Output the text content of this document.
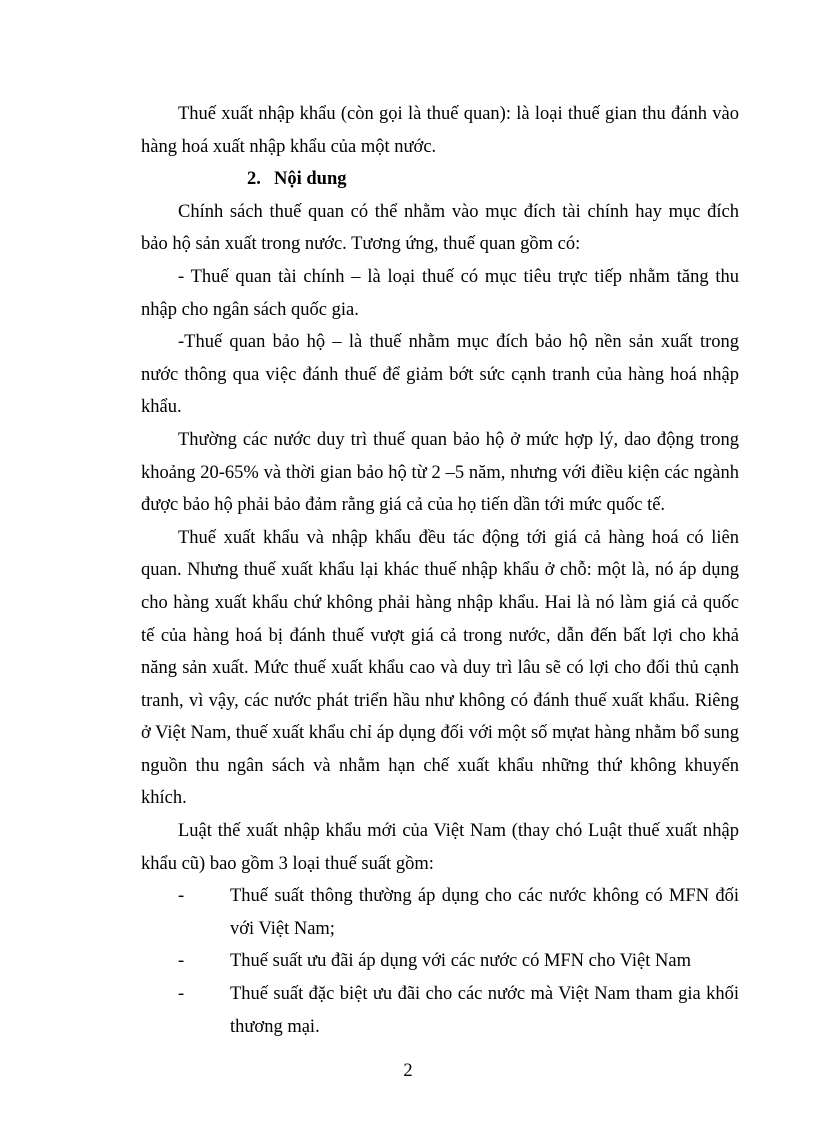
Thuế xuất nhập khẩu (còn gọi là thuế quan): là loại thuế gian thu đánh vào hàng hoá xuất nhập khẩu của một nước.

2. Nội dung

Chính sách thuế quan có thể nhằm vào mục đích tài chính hay mục đích bảo hộ sản xuất trong nước. Tương ứng, thuế quan gồm có:

- Thuế quan tài chính – là loại thuế có mục tiêu trực tiếp nhằm tăng thu nhập cho ngân sách quốc gia.

-Thuế quan bảo hộ – là thuế nhằm mục đích bảo hộ nền sản xuất trong nước thông qua việc đánh thuế để giảm bớt sức cạnh tranh của hàng hoá nhập khẩu.

Thường các nước duy trì thuế quan bảo hộ ở mức hợp lý, dao động trong khoảng 20-65% và thời gian bảo hộ từ 2 –5 năm, nhưng với điều kiện các ngành được bảo hộ phải bảo đảm rằng giá cả của họ tiến dần tới mức quốc tế.

Thuế xuất khẩu và nhập khẩu đều tác động tới giá cả hàng hoá có liên quan. Nhưng thuế xuất khẩu lại khác thuế nhập khẩu ở chỗ: một là, nó áp dụng cho hàng xuất khẩu chứ không phải hàng nhập khẩu. Hai là nó làm giá cả quốc tế của hàng hoá bị đánh thuế vượt giá cả trong nước, dẫn đến bất lợi cho khả năng sản xuất. Mức thuế xuất khẩu cao và duy trì lâu sẽ có lợi cho đối thủ cạnh tranh, vì vậy, các nước phát triển hầu như không có đánh thuế xuất khẩu. Riêng ở Việt Nam, thuế xuất khẩu chỉ áp dụng đối với một số mựat hàng nhằm bổ sung nguồn thu ngân sách và nhằm hạn chế xuất khẩu những thứ không khuyến khích.

Luật thế xuất nhập khẩu mới của Việt Nam (thay chó Luật thuế xuất nhập khẩu cũ) bao gồm 3 loại thuế suất gồm:

-	Thuế suất thông thường áp dụng cho các nước không có MFN đối với Việt Nam;
-	Thuế suất ưu đãi áp dụng với các nước có MFN cho Việt Nam
-	Thuế suất đặc biệt ưu đãi cho các nước mà Việt Nam tham gia khối thương mại.
2
